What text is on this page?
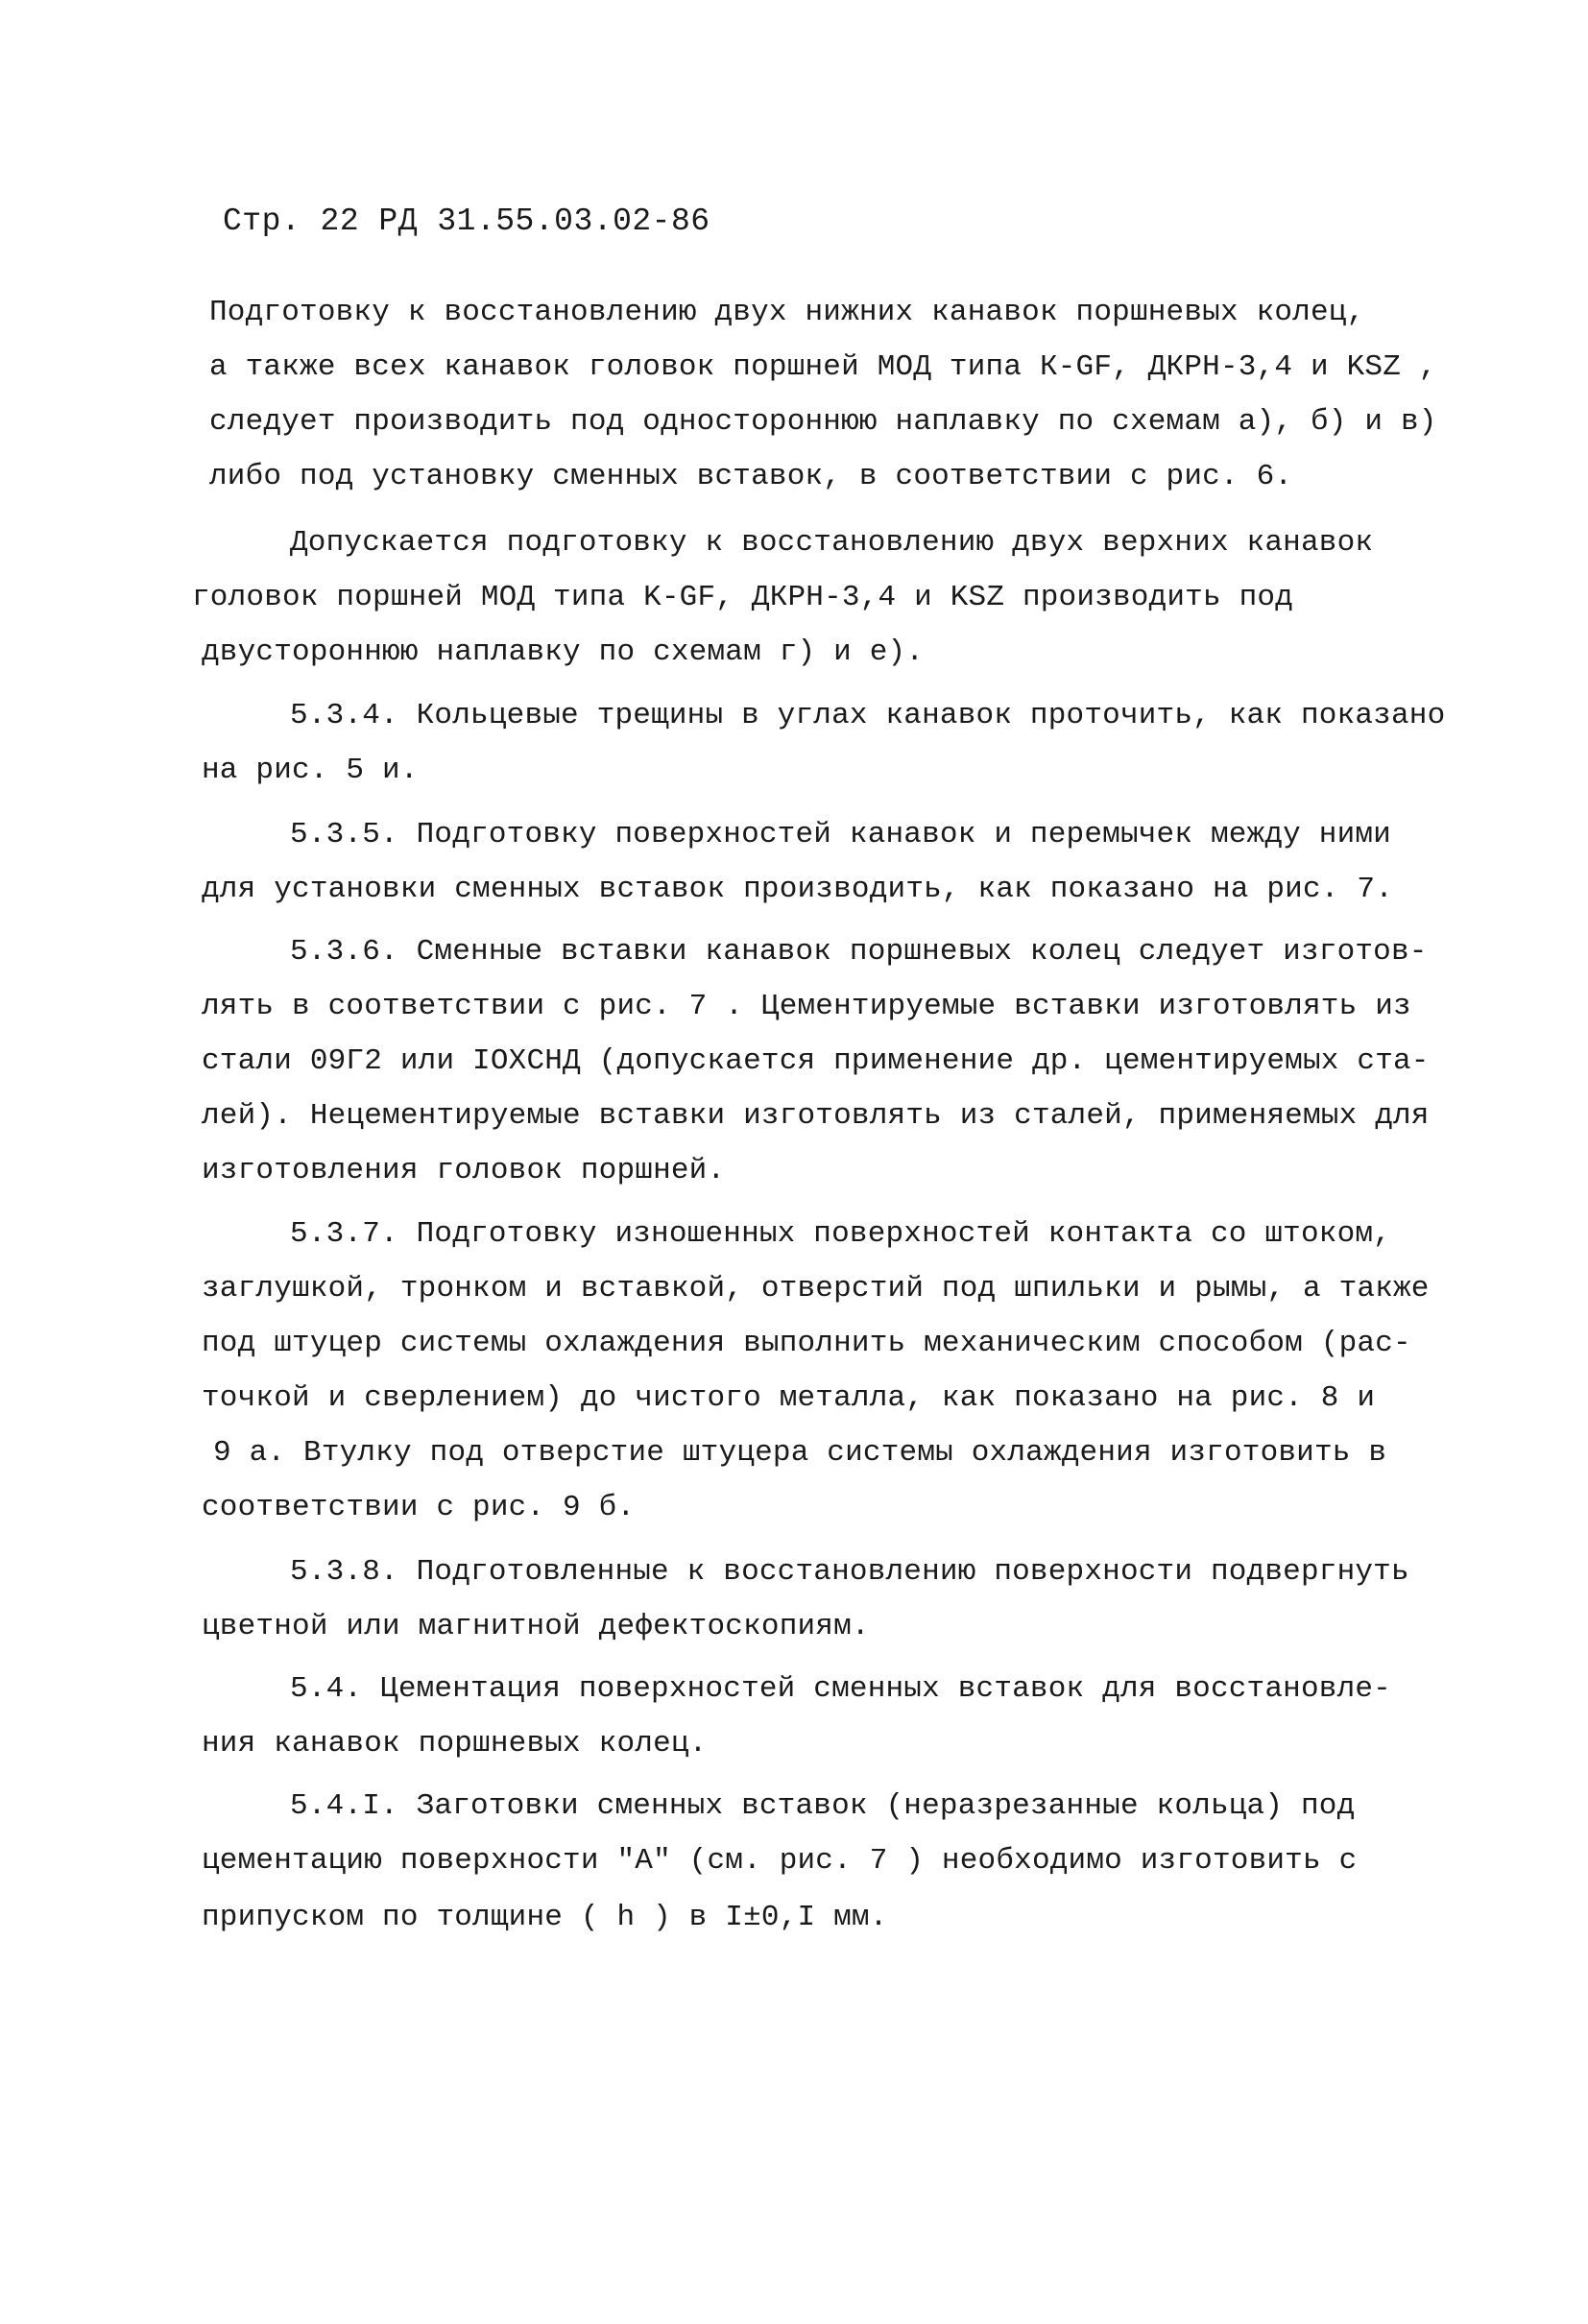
Стр. 22 РД 31.55.03.02-86
Подготовку к восстановлению двух нижних канавок поршневых колец,
а также всех канавок головок поршней МОД типа К-GF, ДКРН-3,4 и KSZ ,
следует производить под одностороннюю наплавку по схемам а), б) и в)
либо под установку сменных вставок, в соответствии с рис. 6.
Допускается подготовку к восстановлению двух верхних канавок
головок поршней МОД типа K-GF, ДКРН-3,4 и KSZ производить под
двустороннюю наплавку по схемам г) и е).
5.3.4. Кольцевые трещины в углах канавок проточить, как показано
на рис. 5 и.
5.3.5. Подготовку поверхностей канавок и перемычек между ними
для установки сменных вставок производить, как показано на рис. 7.
5.3.6. Сменные вставки канавок поршневых колец следует изготов-
лять в соответствии с рис. 7 . Цементируемые вставки изготовлять из
стали 09Г2 или IOXCHД (допускается применение др. цементируемых ста-
лей). Нецементируемые вставки изготовлять из сталей, применяемых для
изготовления головок поршней.
5.3.7. Подготовку изношенных поверхностей контакта со штоком,
заглушкой, тронком и вставкой, отверстий под шпильки и рымы, а также
под штуцер системы охлаждения выполнить механическим способом (рас-
точкой и сверлением) до чистого металла, как показано на рис. 8 и
9 а. Втулку под отверстие штуцера системы охлаждения изготовить в
соответствии с рис. 9 б.
5.3.8. Подготовленные к восстановлению поверхности подвергнуть
цветной или магнитной дефектоскопиям.
5.4. Цементация поверхностей сменных вставок для восстановле-
ния канавок поршневых колец.
5.4.I. Заготовки сменных вставок (неразрезанные кольца) под
цементацию поверхности "А" (см. рис. 7 ) необходимо изготовить с
припуском по толщине ( h ) в I±0,I мм.
